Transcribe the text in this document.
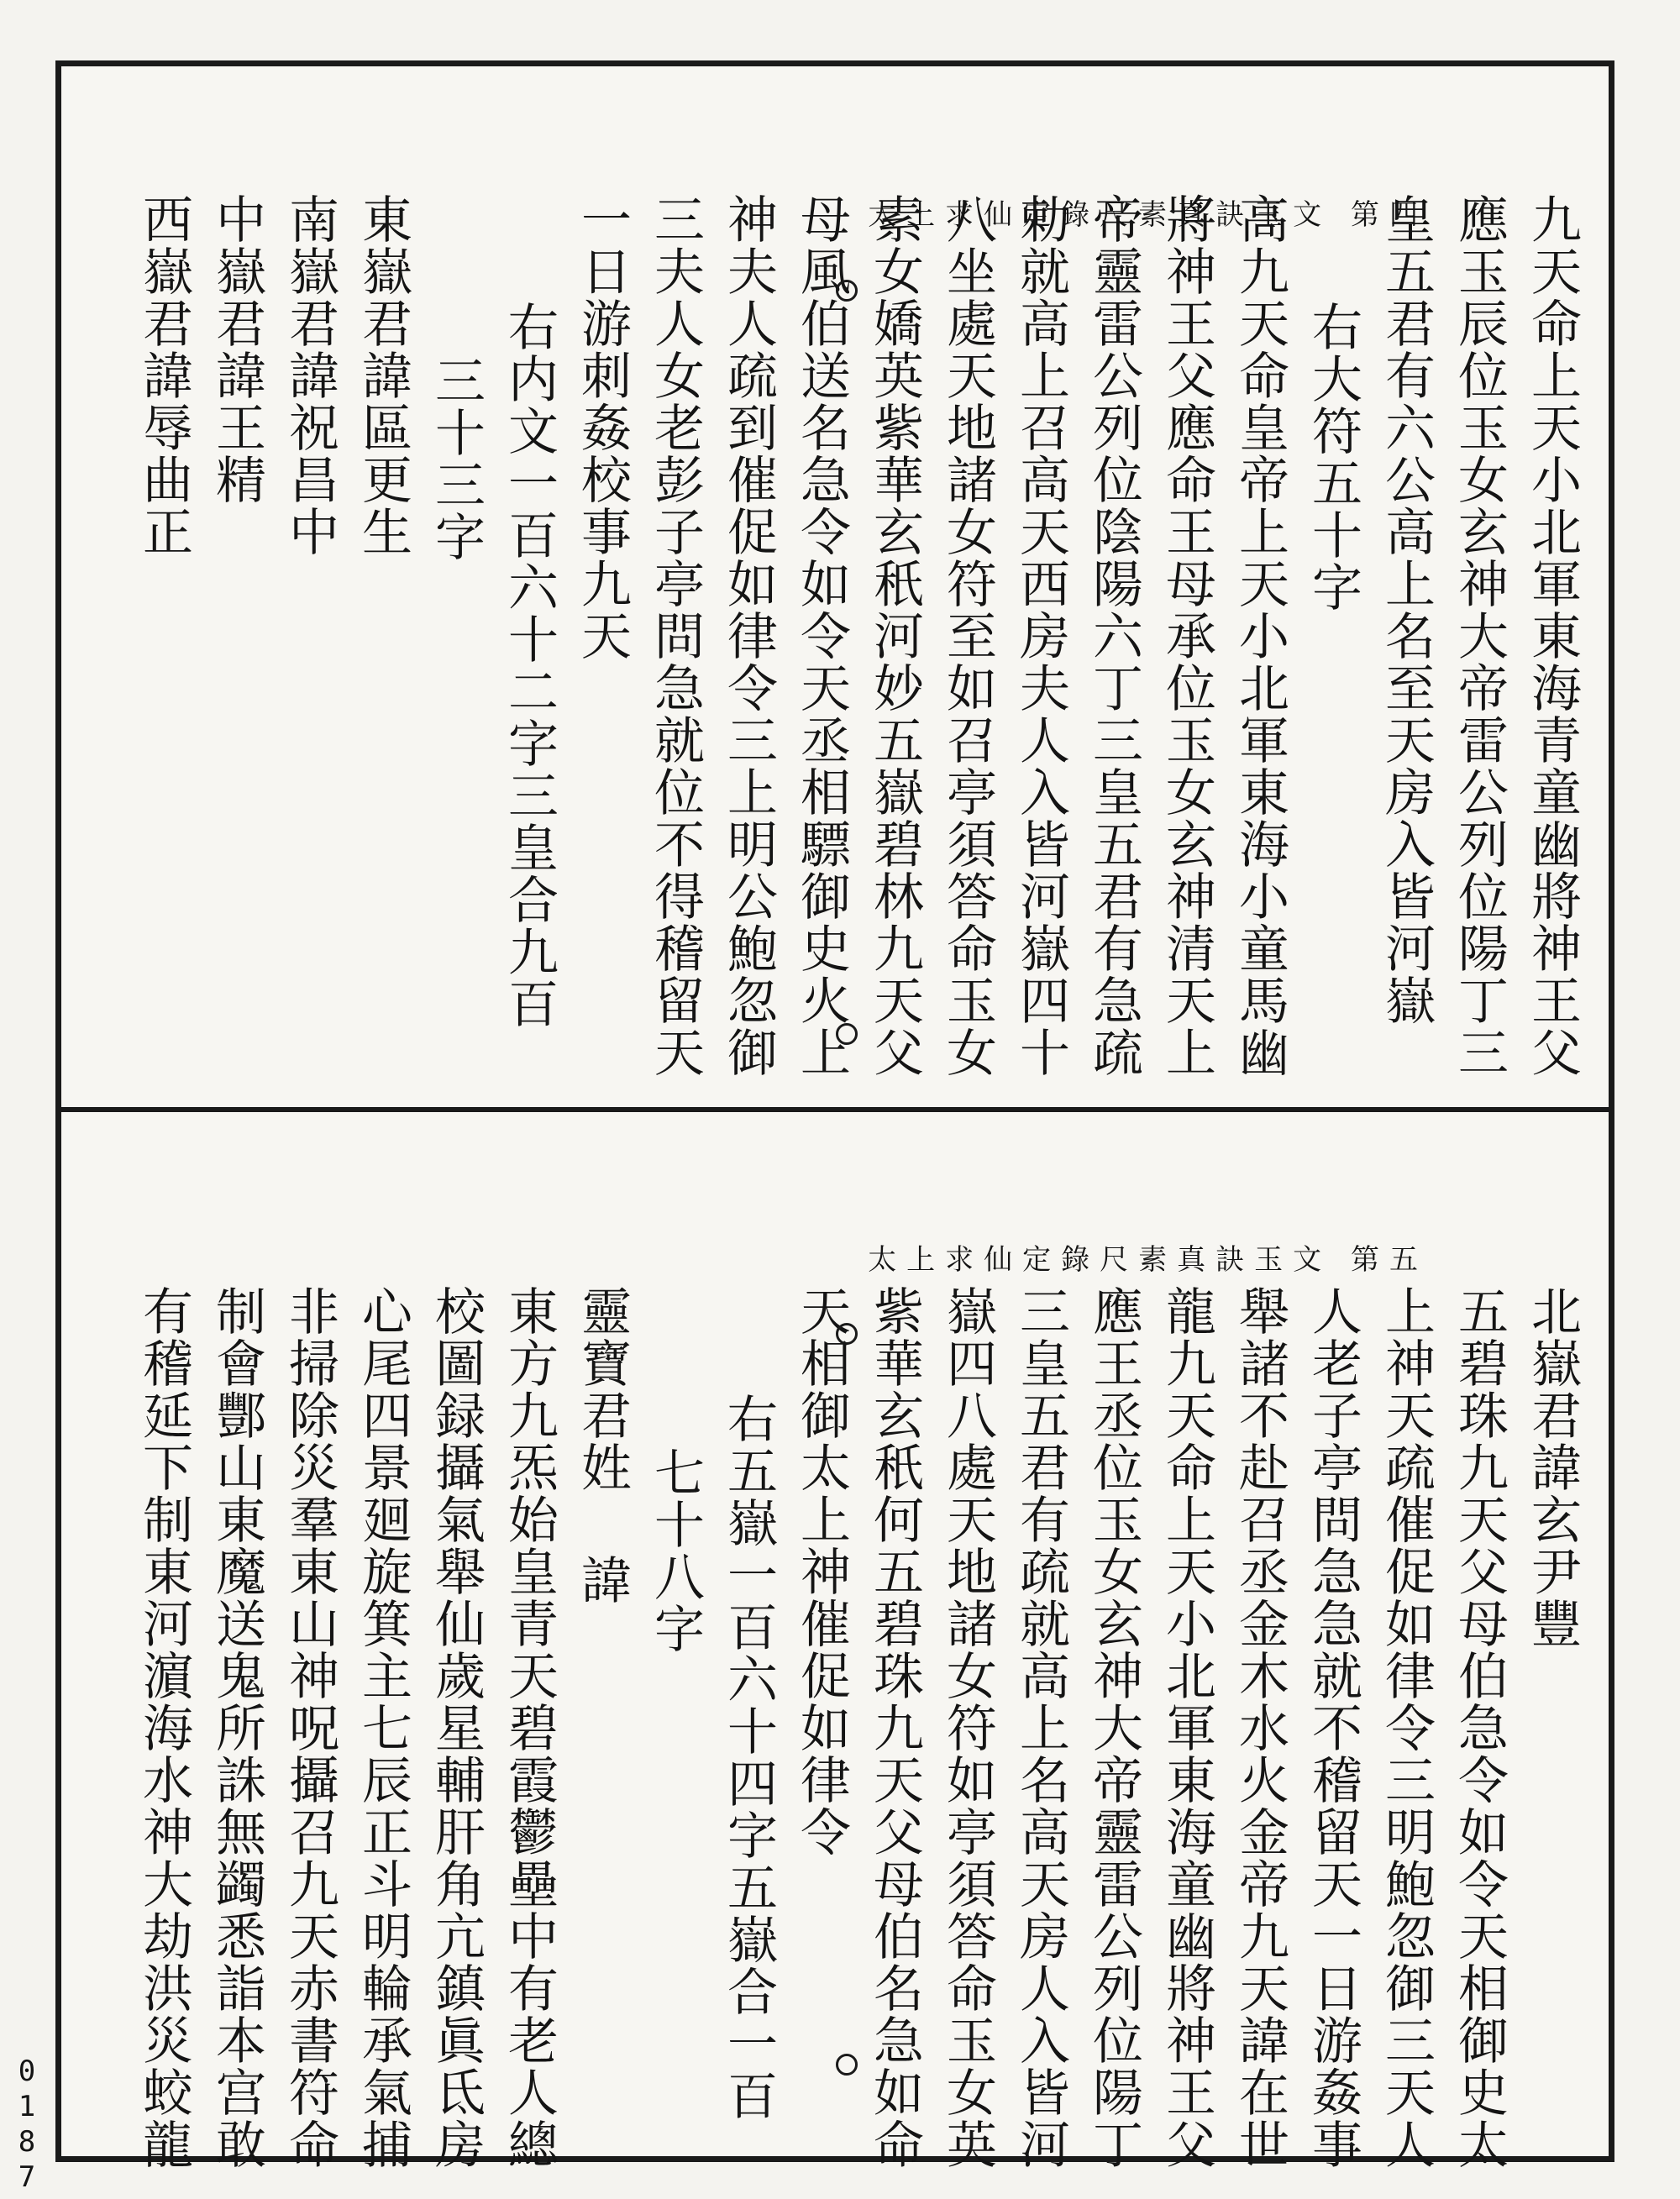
太上求仙定錄尺素真訣玉文 第四
太上求仙定錄尺素真訣玉文 第五
九天命上天小北軍東海青童幽將神王父
應玉辰位玉女玄神大帝雷公列位陽丁三
皇五君有六公高上名至天房入皆河嶽
右大符五十字
高九天命皇帝上天小北軍東海小童馬幽
將神王父應命王母承位玉女玄神清天上
帝靈雷公列位陰陽六丁三皇五君有急疏
勅就高上召高天西房夫人入皆河嶽四十
八坐處天地諸女符至如召亭須答命玉女
素女嬌英紫華玄秖河妙五嶽碧林九天父
母風伯送名急令如令天丞相驃御史火上
神夫人疏到催促如律令三上明公鮑忽御
三夫人女老彭子亭問急就位不得稽留天
一日游刺姦校事九天
右内文一百六十二字三皇合九百
三十三字
東嶽君諱區更生
南嶽君諱祝昌中
中嶽君諱王精
西嶽君諱辱曲正
北嶽君諱玄尹豐
五碧珠九天父母伯急令如令天相御史太
上神天疏催促如律令三明鮑忽御三天人
人老子亭問急急就不稽留天一日游姦事
舉諸不赴召丞金木水火金帝九天諱在世
龍九天命上天小北軍東海童幽將神王父
應王丞位玉女玄神大帝靈雷公列位陽丁
三皇五君有疏就高上名高天房人入皆河
嶽四八處天地諸女符如亭須答命玉女英
紫華玄秖何五碧珠九天父母伯名急如命
天相御太上神催促如律令
右五嶽一百六十四字五嶽合一百
七十八字
靈寶君姓 諱
東方九炁始皇青天碧霞鬱壘中有老人總
校圖録攝氣舉仙歲星輔肝角亢鎮眞氐房
心尾四景廻旋箕主七辰正斗明輪承氣捕
非掃除災羣東山神呪攝召九天赤書符命
制會酆山東魔送鬼所誅無蠲悉詣本宫敢
有稽延下制東河濵海水神大劫洪災蛟龍
0187
